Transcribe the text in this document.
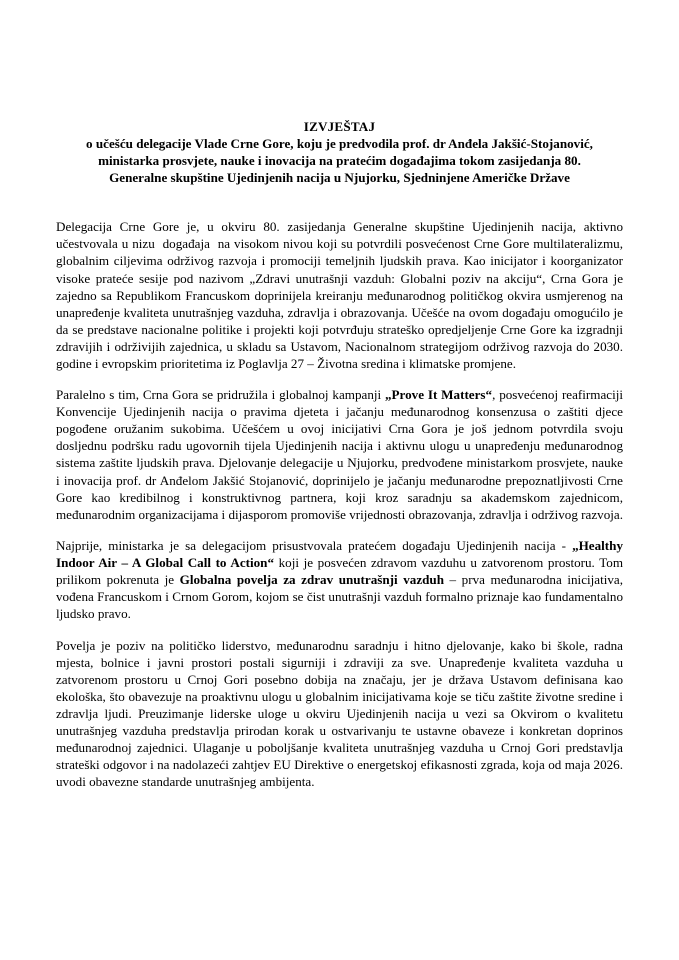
IZVJEŠTAJ
o učešću delegacije Vlade Crne Gore, koju je predvodila prof. dr Anđela Jakšić-Stojanović,
ministarka prosvjete, nauke i inovacija na pratećim događajima tokom zasijedanja 80.
Generalne skupštine Ujedinjenih nacija u Njujorku, Sjedninjene Američke Države

Delegacija Crne Gore je, u okviru 80. zasijedanja Generalne skupštine Ujedinjenih nacija, aktivno učestvovala u nizu  događaja  na visokom nivou koji su potvrdili posvećenost Crne Gore multilateralizmu, globalnim ciljevima održivog razvoja i promociji temeljnih ljudskih prava. Kao inicijator i koorganizator visoke prateće sesije pod nazivom „Zdravi unutrašnji vazduh: Globalni poziv na akciju“, Crna Gora je zajedno sa Republikom Francuskom doprinijela kreiranju međunarodnog političkog okvira usmjerenog na unapređenje kvaliteta unutrašnjeg vazduha, zdravlja i obrazovanja. Učešće na ovom događaju omogućilo je da se predstave nacionalne politike i projekti koji potvrđuju strateško opredjeljenje Crne Gore ka izgradnji zdravijih i održivijih zajednica, u skladu sa Ustavom, Nacionalnom strategijom održivog razvoja do 2030. godine i evropskim prioritetima iz Poglavlja 27 – Životna sredina i klimatske promjene.

Paralelno s tim, Crna Gora se pridružila i globalnoj kampanji „Prove It Matters“, posvećenoj reafirmaciji Konvencije Ujedinjenih nacija o pravima djeteta i jačanju međunarodnog konsenzusa o zaštiti djece pogođene oružanim sukobima. Učešćem u ovoj inicijativi Crna Gora je još jednom potvrdila svoju dosljednu podršku radu ugovornih tijela Ujedinjenih nacija i aktivnu ulogu u unapređenju međunarodnog sistema zaštite ljudskih prava. Djelovanje delegacije u Njujorku, predvođene ministarkom prosvjete, nauke i inovacija prof. dr Anđelom Jakšić Stojanović, doprinijelo je jačanju međunarodne prepoznatljivosti Crne Gore kao kredibilnog i konstruktivnog partnera, koji kroz saradnju sa akademskom zajednicom, međunarodnim organizacijama i dijasporom promoviše vrijednosti obrazovanja, zdravlja i održivog razvoja.

Najprije, ministarka je sa delegacijom prisustvovala pratećem događaju Ujedinjenih nacija - „Healthy Indoor Air – A Global Call to Action“ koji je posvećen zdravom vazduhu u zatvorenom prostoru. Tom prilikom pokrenuta je Globalna povelja za zdrav unutrašnji vazduh – prva međunarodna inicijativa, vođena Francuskom i Crnom Gorom, kojom se čist unutrašnji vazduh formalno priznaje kao fundamentalno ljudsko pravo.

Povelja je poziv na političko liderstvo, međunarodnu saradnju i hitno djelovanje, kako bi škole, radna mjesta, bolnice i javni prostori postali sigurniji i zdraviji za sve. Unapređenje kvaliteta vazduha u zatvorenom prostoru u Crnoj Gori posebno dobija na značaju, jer je država Ustavom definisana kao ekološka, što obavezuje na proaktivnu ulogu u globalnim inicijativama koje se tiču zaštite životne sredine i zdravlja ljudi. Preuzimanje liderske uloge u okviru Ujedinjenih nacija u vezi sa Okvirom o kvalitetu unutrašnjeg vazduha predstavlja prirodan korak u ostvarivanju te ustavne obaveze i konkretan doprinos međunarodnoj zajednici. Ulaganje u poboljšanje kvaliteta unutrašnjeg vazduha u Crnoj Gori predstavlja strateški odgovor i na nadolazeći zahtjev EU Direktive o energetskoj efikasnosti zgrada, koja od maja 2026. uvodi obavezne standarde unutrašnjeg ambijenta.
